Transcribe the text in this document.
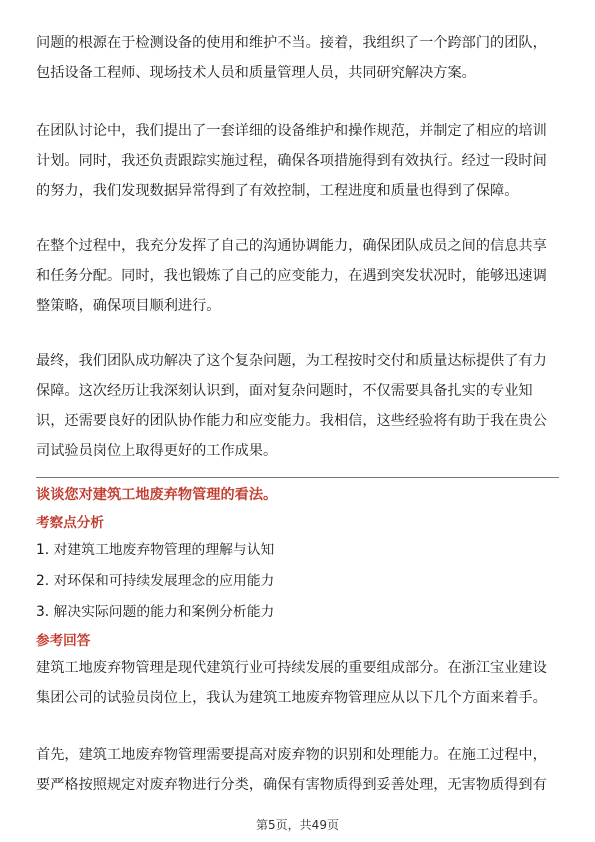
问题的根源在于检测设备的使用和维护不当。接着，我组织了一个跨部门的团队，
包括设备工程师、现场技术人员和质量管理人员，共同研究解决方案。
在团队讨论中，我们提出了一套详细的设备维护和操作规范，并制定了相应的培训
计划。同时，我还负责跟踪实施过程，确保各项措施得到有效执行。经过一段时间
的努力，我们发现数据异常得到了有效控制，工程进度和质量也得到了保障。
在整个过程中，我充分发挥了自己的沟通协调能力，确保团队成员之间的信息共享
和任务分配。同时，我也锻炼了自己的应变能力，在遇到突发状况时，能够迅速调
整策略，确保项目顺利进行。
最终，我们团队成功解决了这个复杂问题，为工程按时交付和质量达标提供了有力
保障。这次经历让我深刻认识到，面对复杂问题时，不仅需要具备扎实的专业知
识，还需要良好的团队协作能力和应变能力。我相信，这些经验将有助于我在贵公
司试验员岗位上取得更好的工作成果。
谈谈您对建筑工地废弃物管理的看法。
考察点分析
1. 对建筑工地废弃物管理的理解与认知
2. 对环保和可持续发展理念的应用能力
3. 解决实际问题的能力和案例分析能力
参考回答
建筑工地废弃物管理是现代建筑行业可持续发展的重要组成部分。在浙江宝业建设
集团公司的试验员岗位上，我认为建筑工地废弃物管理应从以下几个方面来着手。
首先，建筑工地废弃物管理需要提高对废弃物的识别和处理能力。在施工过程中，
要严格按照规定对废弃物进行分类，确保有害物质得到妥善处理，无害物质得到有
第5页，共49页
